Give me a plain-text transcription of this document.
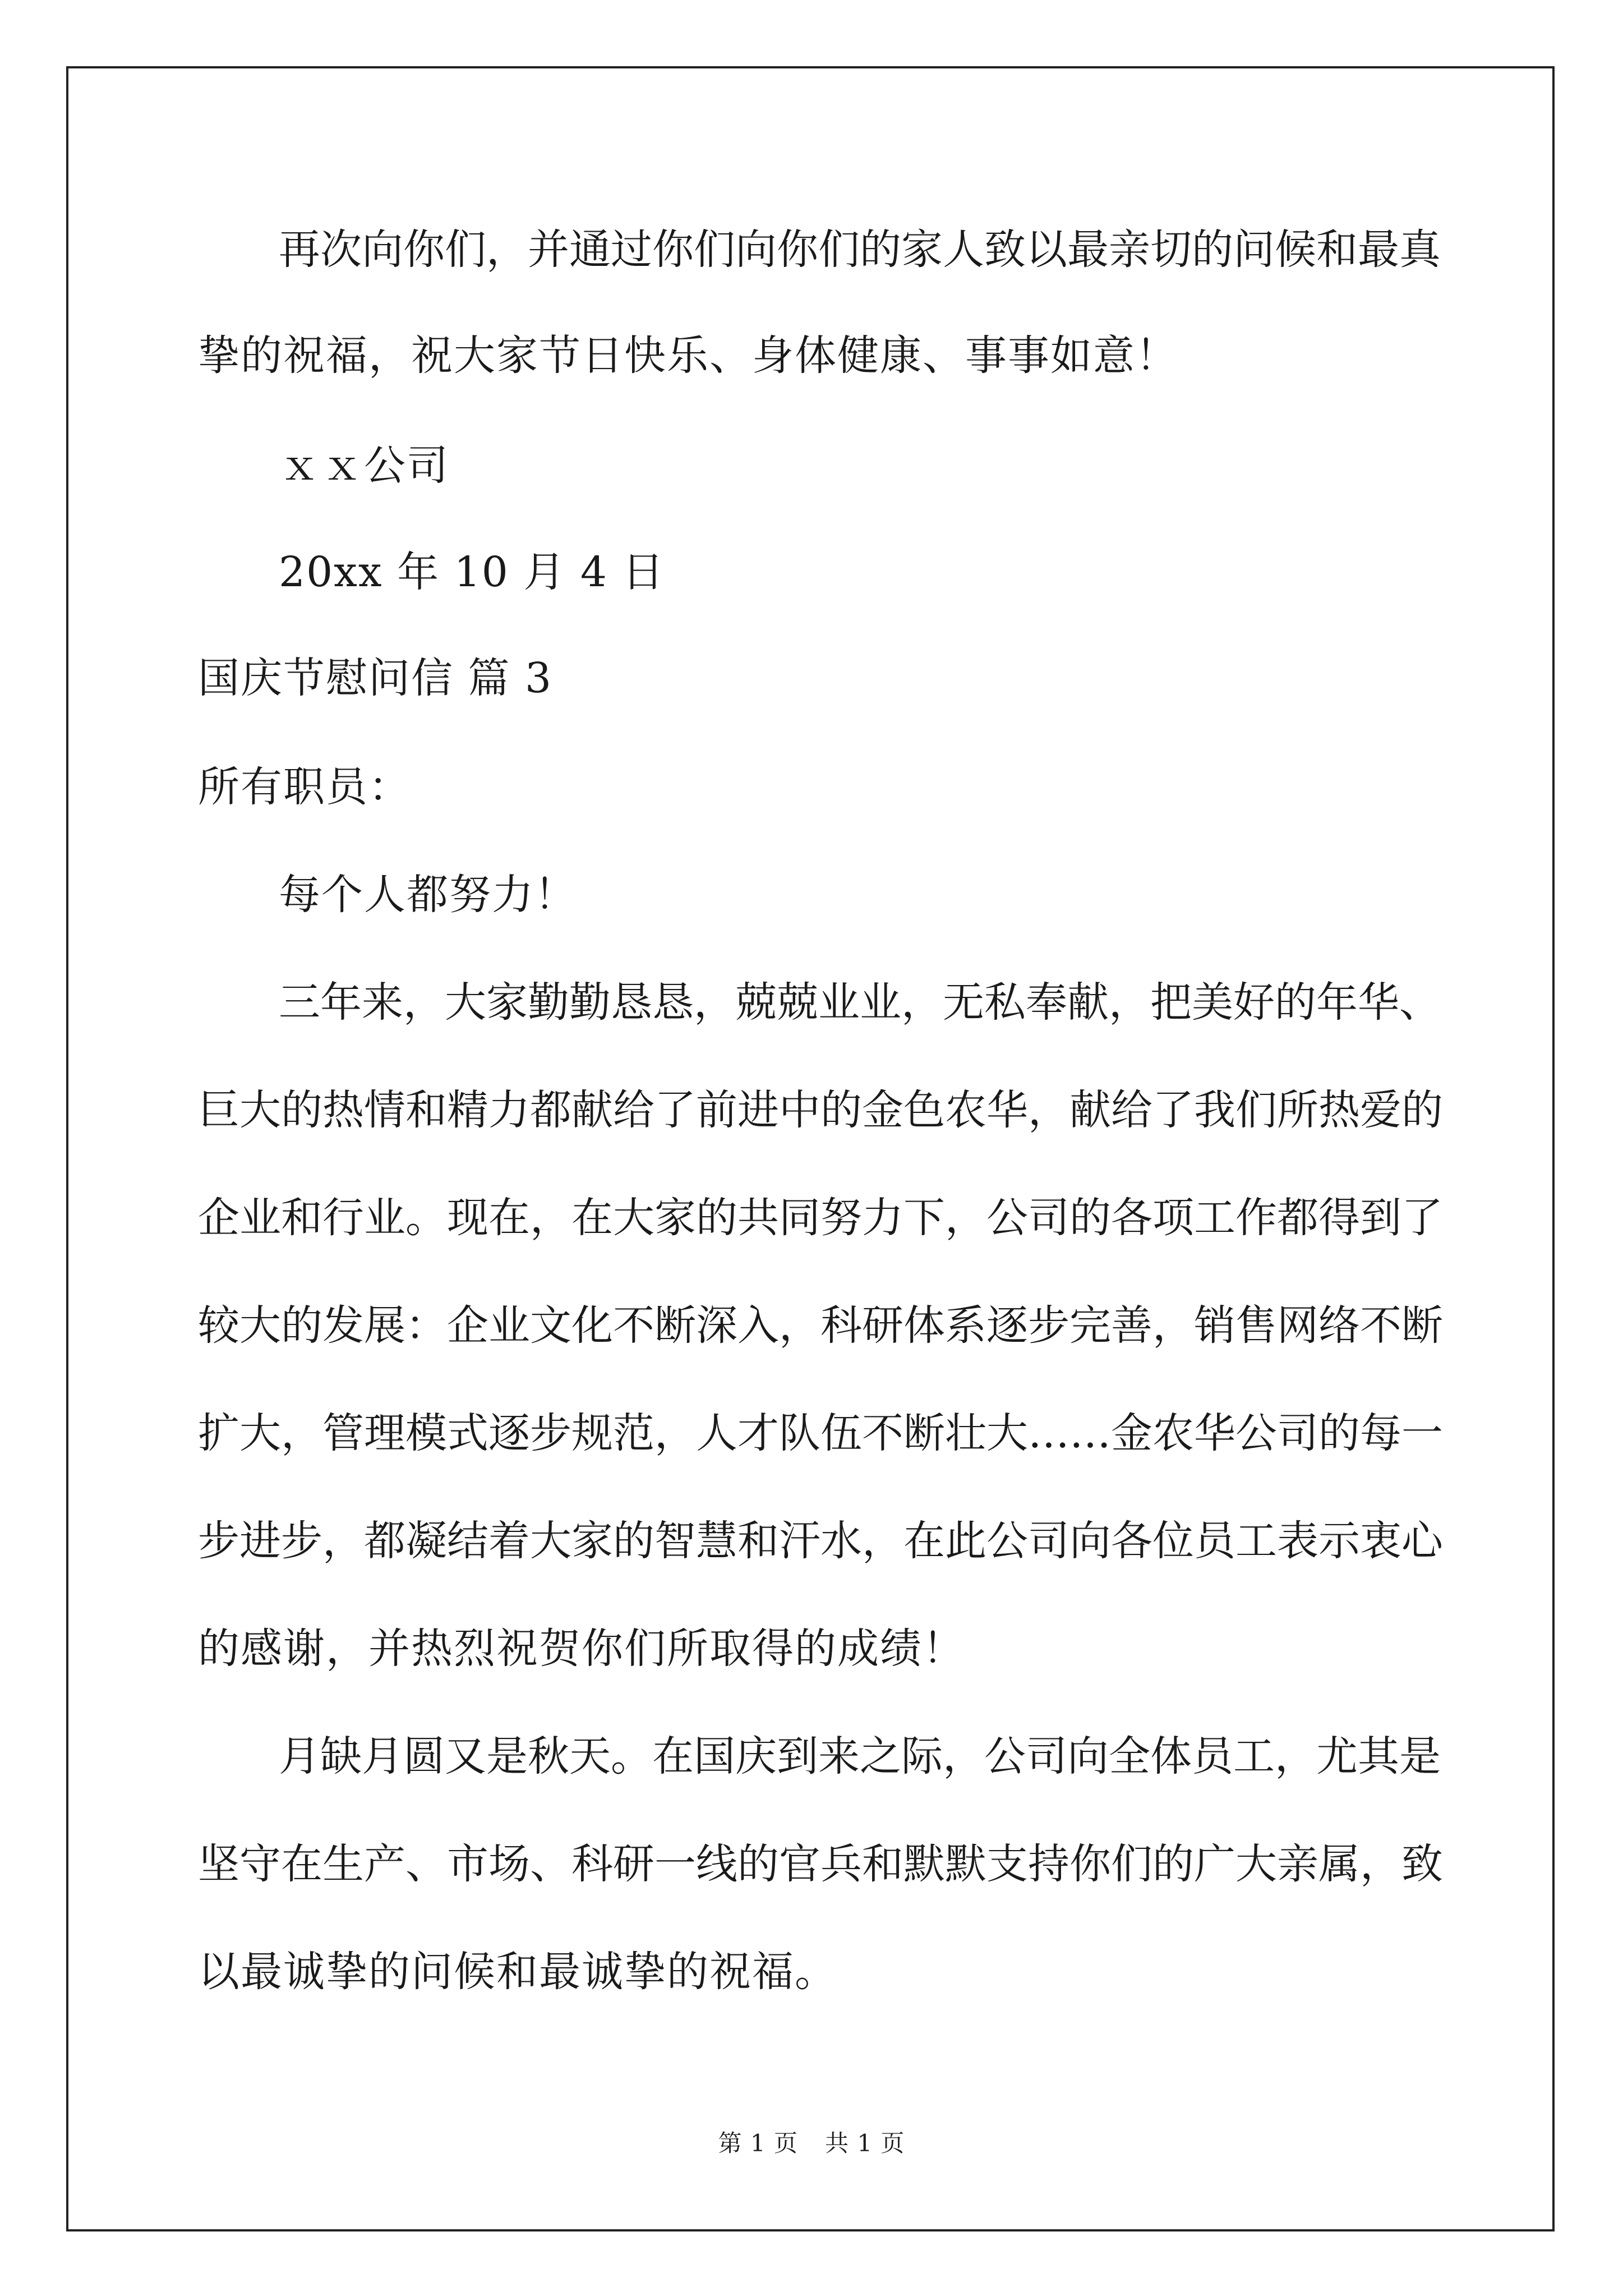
再次向你们，并通过你们向你们的家人致以最亲切的问候和最真
挚的祝福，祝大家节日快乐、身体健康、事事如意！
ｘｘ公司
20xx 年 10 月 4 日
国庆节慰问信 篇 3
所有职员：
每个人都努力！
三年来，大家勤勤恳恳，兢兢业业，无私奉献，把美好的年华、
巨大的热情和精力都献给了前进中的金色农华，献给了我们所热爱的
企业和行业。现在，在大家的共同努力下，公司的各项工作都得到了
较大的发展：企业文化不断深入，科研体系逐步完善，销售网络不断
扩大，管理模式逐步规范，人才队伍不断壮大……金农华公司的每一
步进步，都凝结着大家的智慧和汗水，在此公司向各位员工表示衷心
的感谢，并热烈祝贺你们所取得的成绩！
月缺月圆又是秋天。在国庆到来之际，公司向全体员工，尤其是
坚守在生产、市场、科研一线的官兵和默默支持你们的广大亲属，致
以最诚挚的问候和最诚挚的祝福。
第 1 页 共 1 页
